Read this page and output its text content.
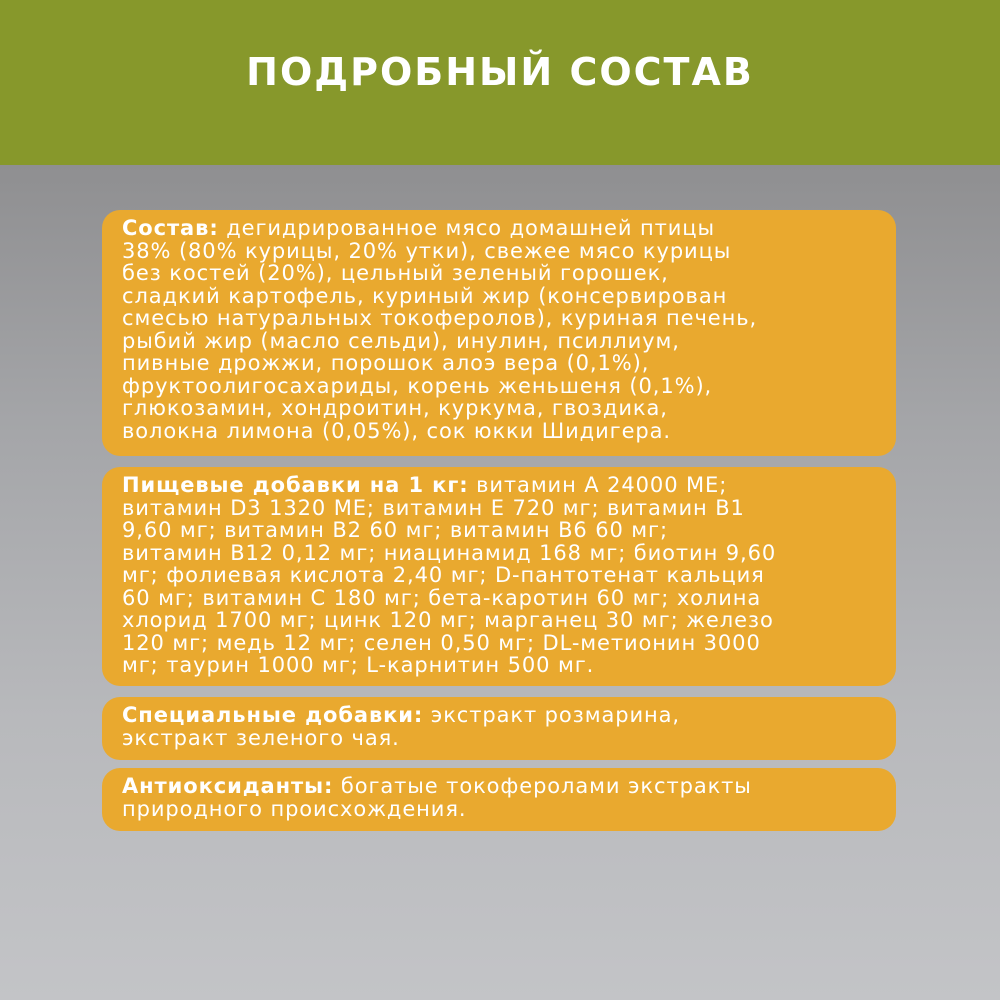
ПОДРОБНЫЙ СОСТАВ
Состав: дегидрированное мясо домашней птицы
38% (80% курицы, 20% утки), свежее мясо курицы
без костей (20%), цельный зеленый горошек,
сладкий картофель, куриный жир (консервирован
смесью натуральных токоферолов), куриная печень,
рыбий жир (масло сельди), инулин, псиллиум,
пивные дрожжи, порошок алоэ вера (0,1%),
фруктоолигосахариды, корень женьшеня (0,1%),
глюкозамин, хондроитин, куркума, гвоздика,
волокна лимона (0,05%), сок юкки Шидигера.
Пищевые добавки на 1 кг: витамин А 24000 МЕ;
витамин D3 1320 МЕ; витамин Е 720 мг; витамин В1
9,60 мг; витамин В2 60 мг; витамин В6 60 мг;
витамин В12 0,12 мг; ниацинамид 168 мг; биотин 9,60
мг; фолиевая кислота 2,40 мг; D-пантотенат кальция
60 мг; витамин С 180 мг; бета-каротин 60 мг; холина
хлорид 1700 мг; цинк 120 мг; марганец 30 мг; железо
120 мг; медь 12 мг; селен 0,50 мг; DL-метионин 3000
мг; таурин 1000 мг; L-карнитин 500 мг.
Специальные добавки: экстракт розмарина,
экстракт зеленого чая.
Антиоксиданты: богатые токоферолами экстракты
природного происхождения.
